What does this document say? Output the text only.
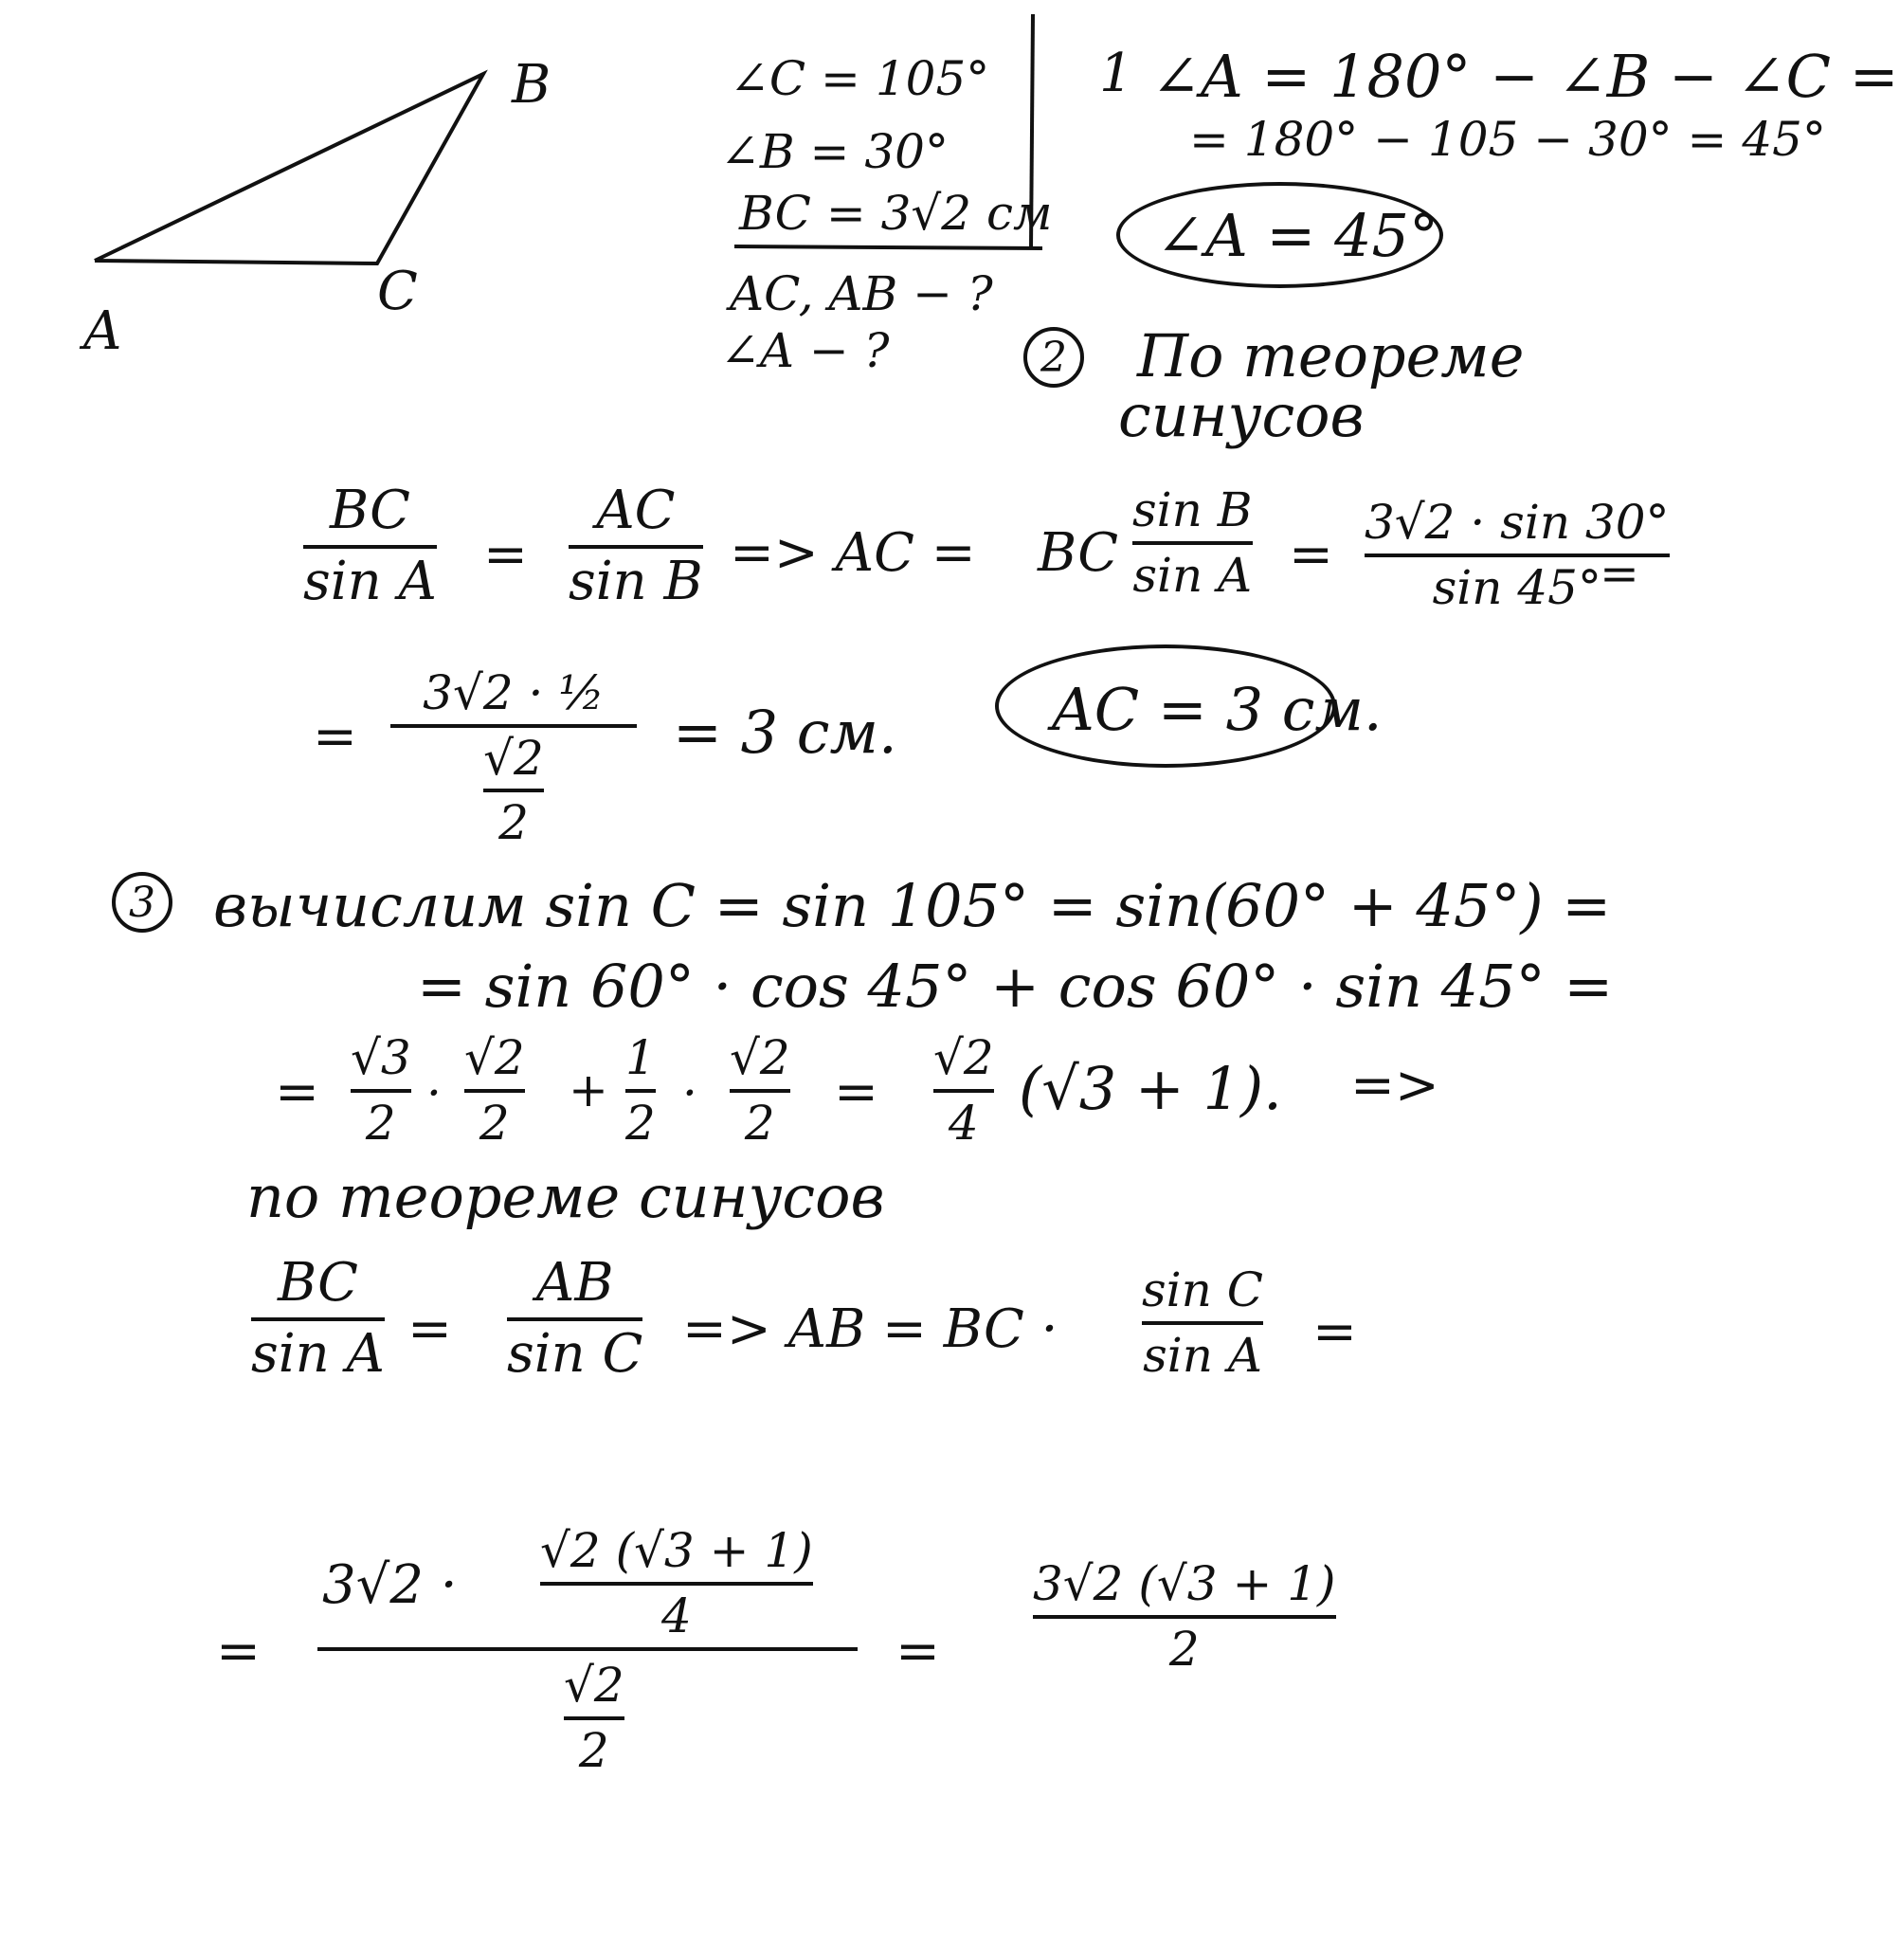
A
B
C
∠C = 105°
∠B = 30°
BC = 3√2 см
AC, AB − ?
∠A − ?
1 ∠A = 180° − ∠B − ∠C =
= 180° − 105 − 30° = 45°
∠A = 45°
2 По теореме
синусов
BC
sin A =
AC
sin B => AC = BC
sin B
sin A =
3√2 · sin 30°
sin 45°
=
=
3√2 · ½
$\frac{√2}{2}$
= 3 см.	AC = 3 см.
3 вычислим sin C = sin 105° = sin(60° + 45°) =
= sin 60° · cos 45° + cos 60° · sin 45° =
=
√3
2
·
√2
2
+
1
2
·
√2
2 =
√2
4 (√3 + 1). =>
по теореме синусов
BC
sin A =
AB
sin C => AB = BC ·
sin C
sin A =
=
3√2 ·
√2 (√3 + 1)
4
√2
2
=
3√2 (√3 + 1)
2
